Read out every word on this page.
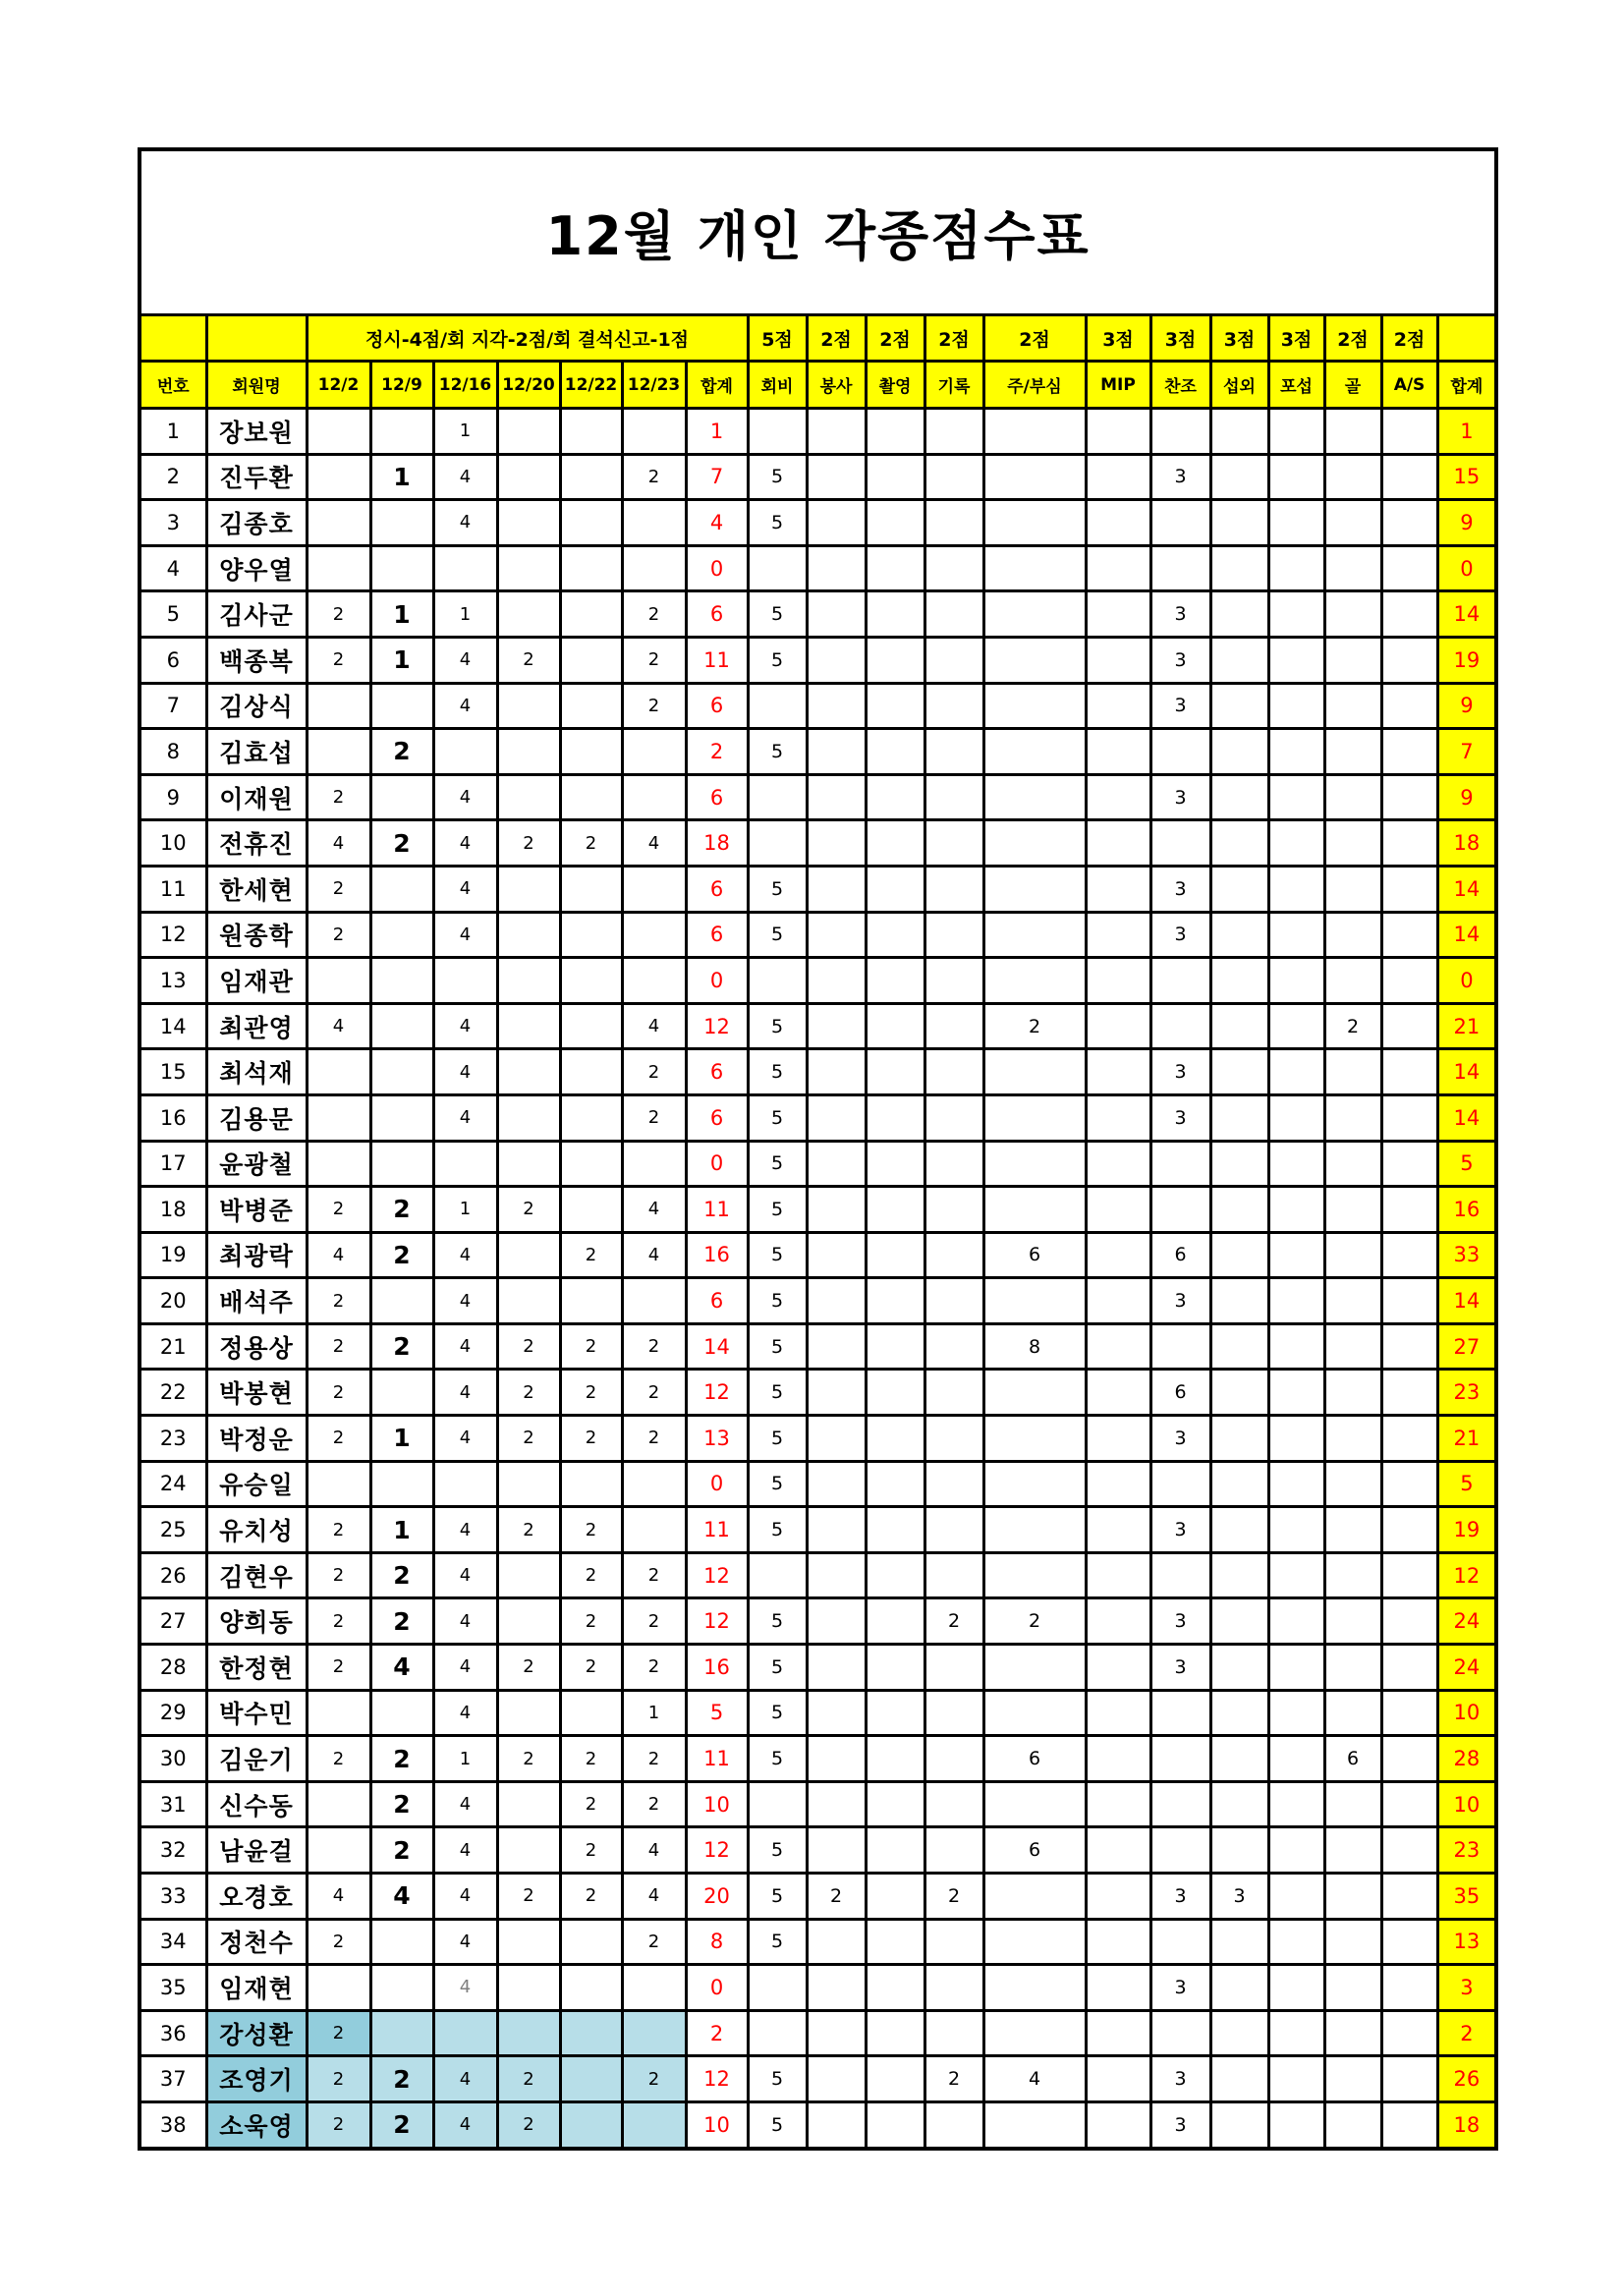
12월 개인 각종점수표																				
		정시-4점/회 지각-2점/회 결석신고-1점							5점	2점	2점	2점	2점	3점	3점	3점	3점	2점	2점	
번호	회원명	12/2	12/9	12/16	12/20	12/22	12/23	합계	회비	봉사	촬영	기록	주/부심	MIP	찬조	섭외	포섭	골	A/S	합계
1	장보원			1				1												1
2	진두환		1	4			2	7	5						3					15
3	김종호			4				4	5											9
4	양우열							0												0
5	김사군	2	1	1			2	6	5						3					14
6	백종복	2	1	4	2		2	11	5						3					19
7	김상식			4			2	6							3					9
8	김효섭		2					2	5											7
9	이재원	2		4				6							3					9
10	전휴진	4	2	4	2	2	4	18												18
11	한세현	2		4				6	5						3					14
12	원종학	2		4				6	5						3					14
13	임재관							0												0
14	최관영	4		4			4	12	5				2					2		21
15	최석재			4			2	6	5						3					14
16	김용문			4			2	6	5						3					14
17	윤광철							0	5											5
18	박병준	2	2	1	2		4	11	5											16
19	최광락	4	2	4		2	4	16	5				6		6					33
20	배석주	2		4				6	5						3					14
21	정용상	2	2	4	2	2	2	14	5				8							27
22	박봉현	2		4	2	2	2	12	5						6					23
23	박정운	2	1	4	2	2	2	13	5						3					21
24	유승일							0	5											5
25	유치성	2	1	4	2	2		11	5						3					19
26	김현우	2	2	4		2	2	12												12
27	양희동	2	2	4		2	2	12	5			2	2		3					24
28	한정현	2	4	4	2	2	2	16	5						3					24
29	박수민			4			1	5	5											10
30	김운기	2	2	1	2	2	2	11	5				6					6		28
31	신수동		2	4		2	2	10												10
32	남윤걸		2	4		2	4	12	5				6							23
33	오경호	4	4	4	2	2	4	20	5	2		2			3	3				35
34	정천수	2		4			2	8	5											13
35	임재현			4				0							3					3
36	강성환	2						2												2
37	조영기	2	2	4	2		2	12	5			2	4		3					26
38	소욱영	2	2	4	2			10	5						3					18
